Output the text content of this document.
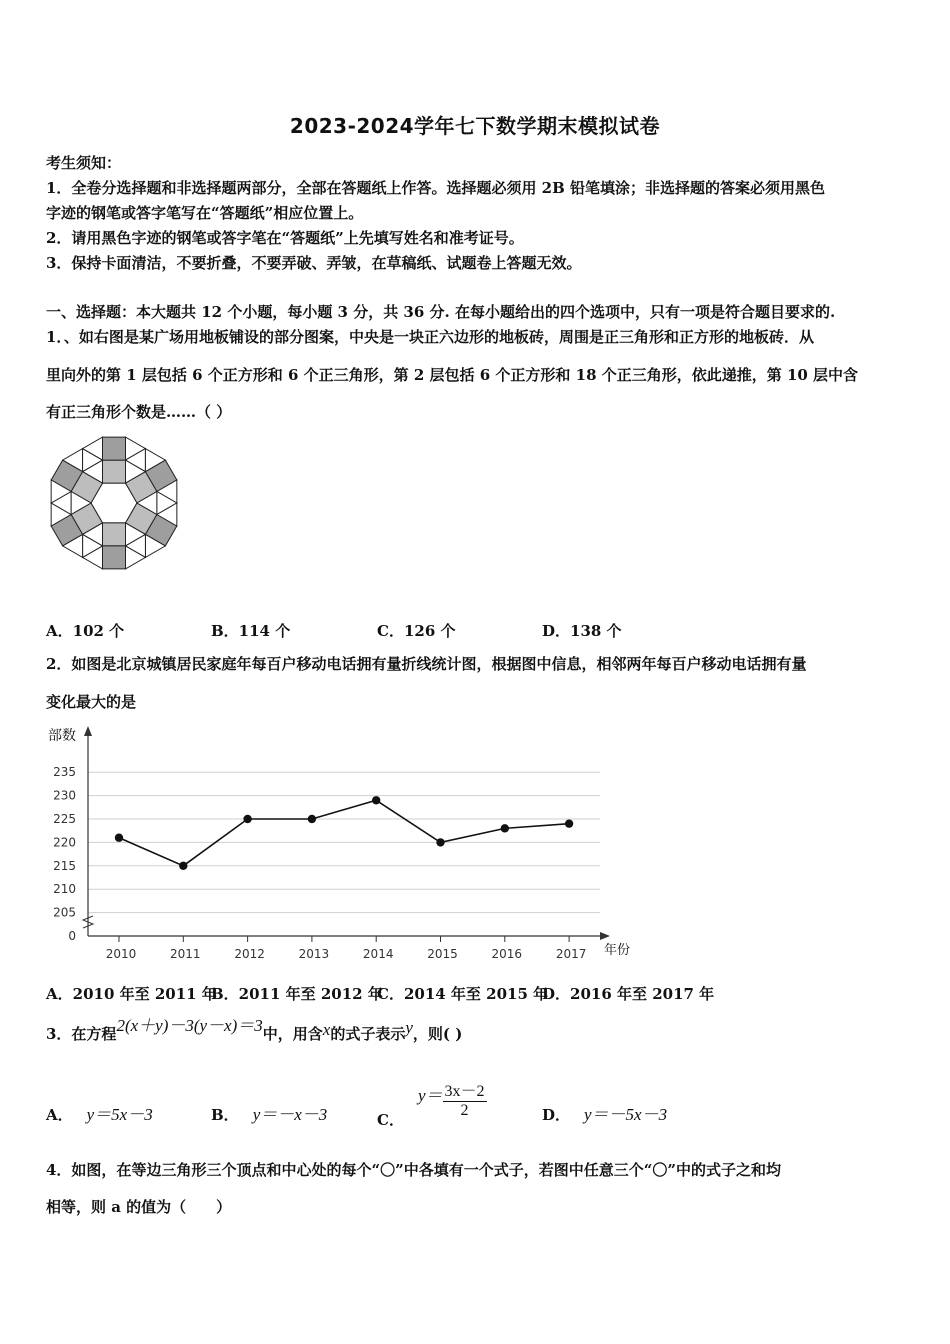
2023-2024学年七下数学期末模拟试卷
考生须知：
1．全卷分选择题和非选择题两部分，全部在答题纸上作答。选择题必须用 2B 铅笔填涂；非选择题的答案必须用黑色
字迹的钢笔或答字笔写在“答题纸”相应位置上。
2．请用黑色字迹的钢笔或答字笔在“答题纸”上先填写姓名和准考证号。
3．保持卡面清洁，不要折叠，不要弄破、弄皱，在草稿纸、试题卷上答题无效。
一、选择题：本大题共 12 个小题，每小题 3 分，共 36 分. 在每小题给出的四个选项中，只有一项是符合题目要求的.
1．、如右图是某广场用地板铺设的部分图案，中央是一块正六边形的地板砖，周围是正三角形和正方形的地板砖．从
里向外的第 1 层包括 6 个正方形和 6 个正三角形，第 2 层包括 6 个正方形和 18 个正三角形，依此递推，第 10 层中含
有正三角形个数是……（ ）
A．102 个	B．114 个	C．126 个	D．138 个
2．如图是北京城镇居民家庭年每百户移动电话拥有量折线统计图，根据图中信息，相邻两年每百户移动电话拥有量
变化最大的是
0
205
210
215
220
225
230
235
2010	2011	2012	2013	2014	2015	2016	2017
部数
年份
A．2010 年至 2011 年
B．2011 年至 2012 年
C．2014 年至 2015 年
D．2016 年至 2017 年
3．在方程2(x＋y)－3(y－x)＝3中，用含x的式子表示y，则( )
A． y＝5x－3	B． y＝－x－3	C．$y= \frac{3x-2}{2}$	D． y＝－5x－3
4．如图，在等边三角形三个顶点和中心处的每个“〇”中各填有一个式子，若图中任意三个“〇”中的式子之和均
相等，则 a 的值为（　　）
